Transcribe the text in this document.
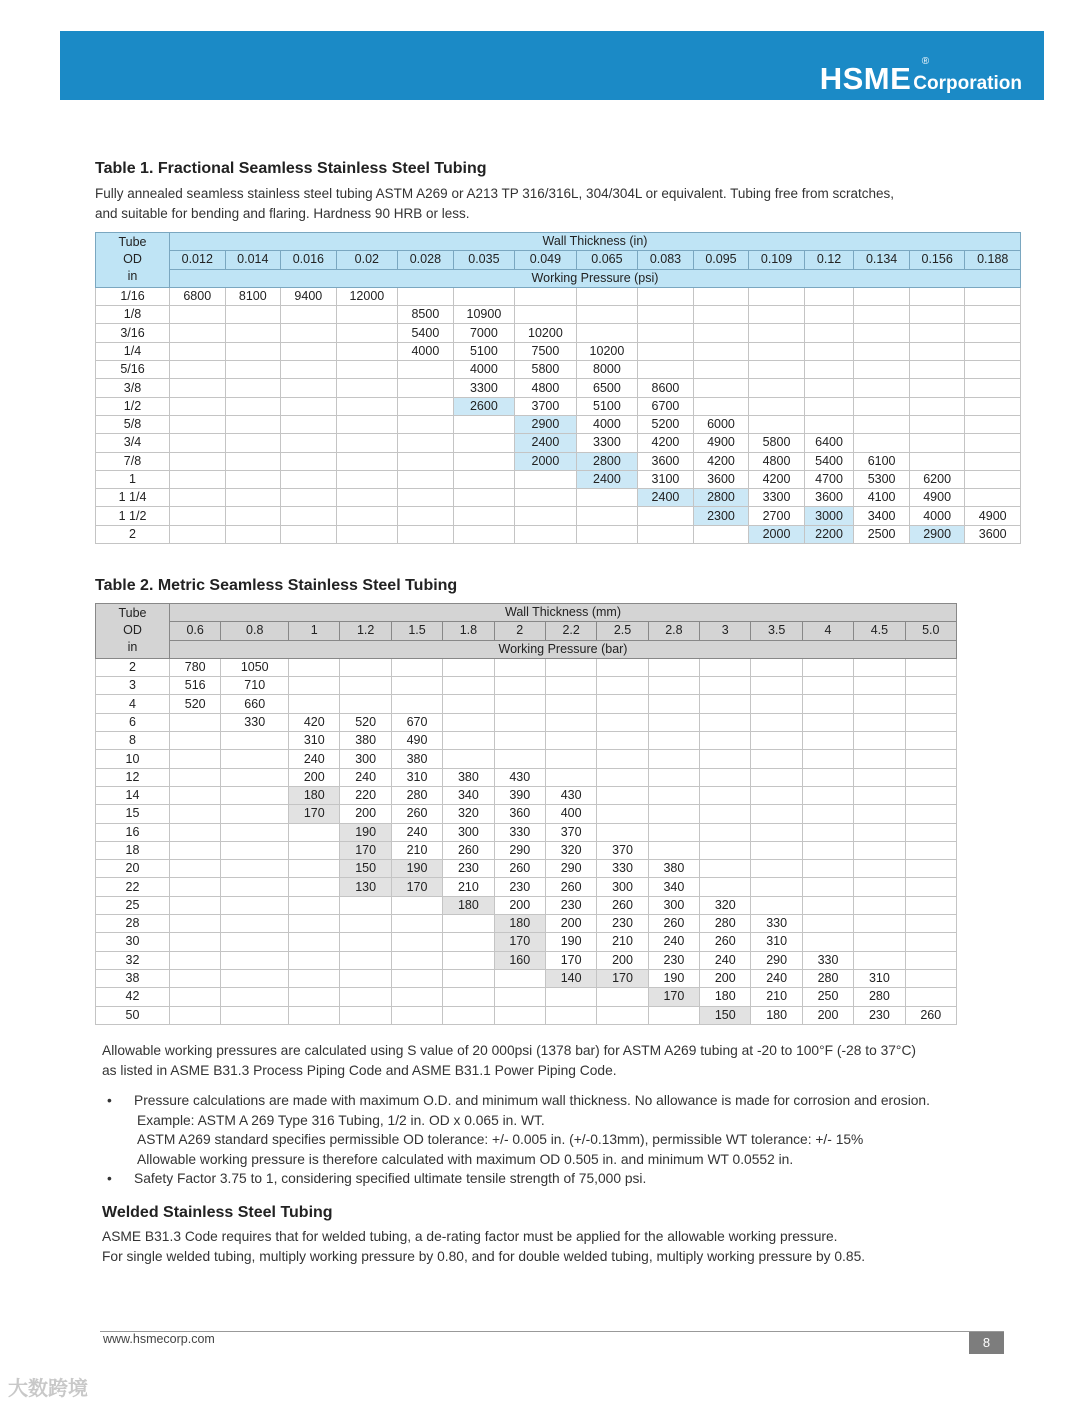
HSME ®
Corporation
Table 1. Fractional Seamless Stainless Steel Tubing
Fully annealed seamless stainless steel tubing ASTM A269 or A213 TP 316/316L, 304/304L or equivalent. Tubing free from scratches,
and suitable for bending and flaring. Hardness 90 HRB or less.
Tube
OD
in	Wall Thickness (in)														
	0.012	0.014	0.016	0.02	0.028	0.035	0.049	0.065	0.083	0.095	0.109	0.12	0.134	0.156	0.188
	Working Pressure (psi)														
1/16	6800	8100	9400	12000											
1/8					8500	10900									
3/16					5400	7000	10200								
1/4					4000	5100	7500	10200							
5/16						4000	5800	8000							
3/8						3300	4800	6500	8600						
1/2						2600	3700	5100	6700						
5/8							2900	4000	5200	6000					
3/4							2400	3300	4200	4900	5800	6400			
7/8							2000	2800	3600	4200	4800	5400	6100		
1								2400	3100	3600	4200	4700	5300	6200	
1 1/4									2400	2800	3300	3600	4100	4900	
1 1/2										2300	2700	3000	3400	4000	4900
2											2000	2200	2500	2900	3600
Table 2. Metric Seamless Stainless Steel Tubing
Tube
OD
in	Wall Thickness (mm)														
	0.6	0.8	1	1.2	1.5	1.8	2	2.2	2.5	2.8	3	3.5	4	4.5	5.0
	Working Pressure (bar)														
2	780	1050													
3	516	710													
4	520	660													
6		330	420	520	670										
8			310	380	490										
10			240	300	380										
12			200	240	310	380	430								
14			180	220	280	340	390	430							
15			170	200	260	320	360	400							
16				190	240	300	330	370							
18				170	210	260	290	320	370						
20				150	190	230	260	290	330	380					
22				130	170	210	230	260	300	340					
25						180	200	230	260	300	320				
28							180	200	230	260	280	330			
30							170	190	210	240	260	310			
32							160	170	200	230	240	290	330		
38								140	170	190	200	240	280	310	
42										170	180	210	250	280	
50											150	180	200	230	260
Allowable working pressures are calculated using S value of 20 000psi (1378 bar) for ASTM A269 tubing at -20 to 100°F (-28 to 37°C)
as listed in ASME B31.3 Process Piping Code and ASME B31.1 Power Piping Code.
• Pressure calculations are made with maximum O.D. and minimum wall thickness. No allowance is made for corrosion and erosion.
Example: ASTM A 269 Type 316 Tubing, 1/2 in. OD x 0.065 in. WT.
ASTM A269 standard specifies permissible OD tolerance: +/- 0.005 in. (+/-0.13mm), permissible WT tolerance: +/- 15%
Allowable working pressure is therefore calculated with maximum OD 0.505 in. and minimum WT 0.0552 in.
• Safety Factor 3.75 to 1, considering specified ultimate tensile strength of 75,000 psi.
Welded Stainless Steel Tubing
ASME B31.3 Code requires that for welded tubing, a de-rating factor must be applied for the allowable working pressure.
For single welded tubing, multiply working pressure by 0.80, and for double welded tubing, multiply working pressure by 0.85.
www.hsmecorp.com	8
大数跨境
